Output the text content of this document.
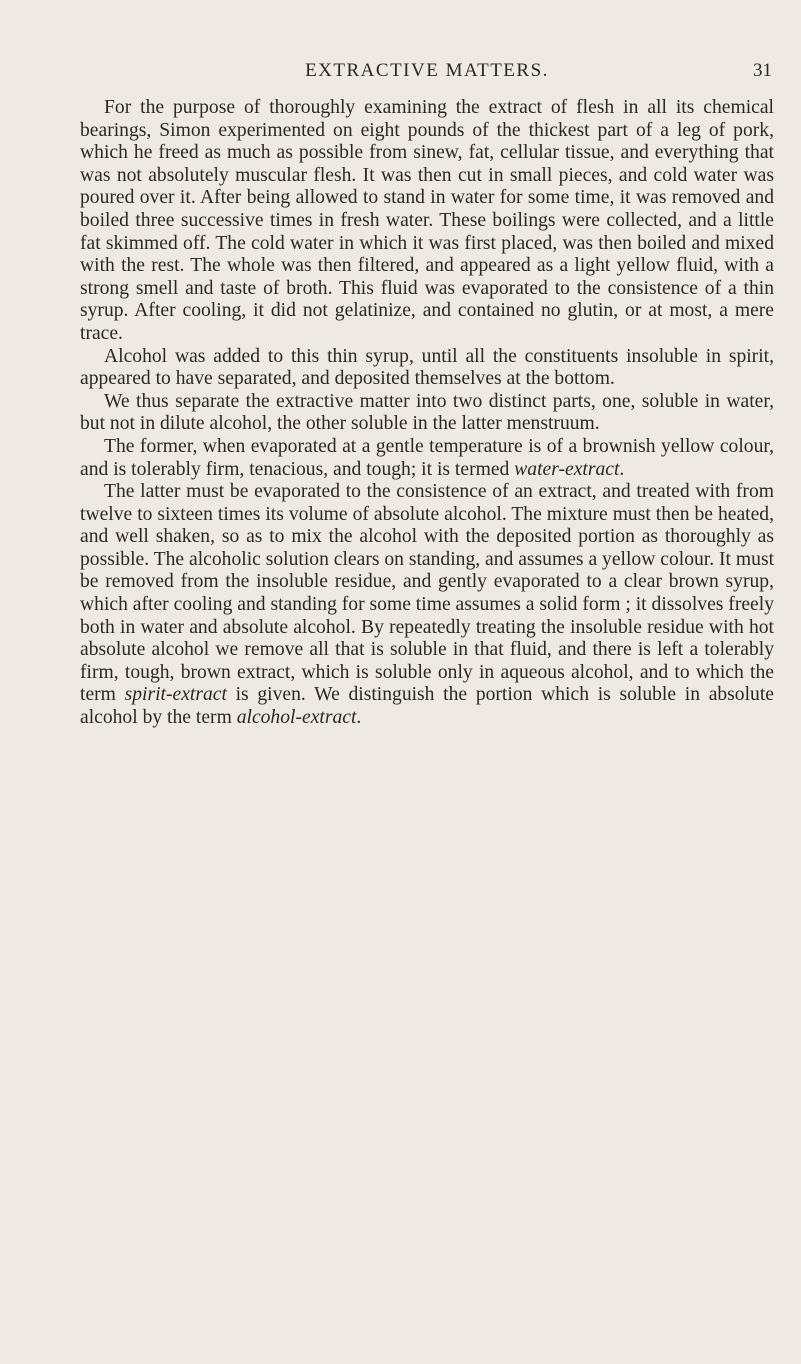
EXTRACTIVE MATTERS.	31

For the purpose of thoroughly examining the extract of flesh in all its chemical bearings, Simon experimented on eight pounds of the thickest part of a leg of pork, which he freed as much as possible from sinew, fat, cellular tissue, and everything that was not absolutely muscular flesh. It was then cut in small pieces, and cold water was poured over it. After being allowed to stand in water for some time, it was removed and boiled three successive times in fresh water. These boilings were collected, and a little fat skimmed off. The cold water in which it was first placed, was then boiled and mixed with the rest. The whole was then filtered, and appeared as a light yellow fluid, with a strong smell and taste of broth. This fluid was evaporated to the consistence of a thin syrup. After cooling, it did not gelatinize, and contained no glutin, or at most, a mere trace.

Alcohol was added to this thin syrup, until all the constituents insoluble in spirit, appeared to have separated, and deposited themselves at the bottom.

We thus separate the extractive matter into two distinct parts, one, soluble in water, but not in dilute alcohol, the other soluble in the latter menstruum.

The former, when evaporated at a gentle temperature is of a brownish yellow colour, and is tolerably firm, tenacious, and tough; it is termed water-extract.

The latter must be evaporated to the consistence of an extract, and treated with from twelve to sixteen times its volume of absolute alcohol. The mixture must then be heated, and well shaken, so as to mix the alcohol with the deposited portion as thoroughly as possible. The alcoholic solution clears on standing, and assumes a yellow colour. It must be removed from the insoluble residue, and gently evaporated to a clear brown syrup, which after cooling and standing for some time assumes a solid form ; it dissolves freely both in water and absolute alcohol. By repeatedly treating the insoluble residue with hot absolute alcohol we remove all that is soluble in that fluid, and there is left a tolerably firm, tough, brown extract, which is soluble only in aqueous alcohol, and to which the term spirit-extract is given. We distinguish the portion which is soluble in absolute alcohol by the term alcohol-extract.
